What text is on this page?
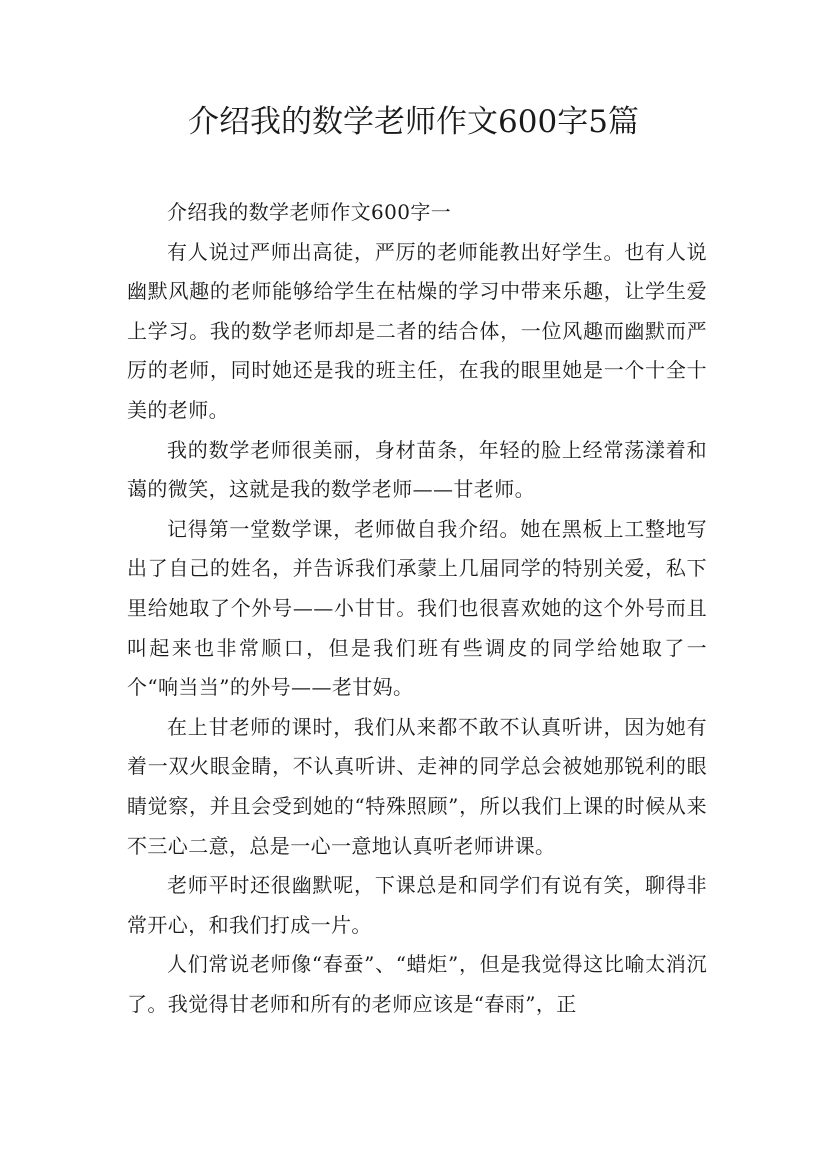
介绍我的数学老师作文600字5篇

介绍我的数学老师作文600字一

有人说过严师出高徒，严厉的老师能教出好学生。也有人说幽默风趣的老师能够给学生在枯燥的学习中带来乐趣，让学生爱上学习。我的数学老师却是二者的结合体，一位风趣而幽默而严厉的老师，同时她还是我的班主任，在我的眼里她是一个十全十美的老师。

我的数学老师很美丽，身材苗条，年轻的脸上经常荡漾着和蔼的微笑，这就是我的数学老师——甘老师。

记得第一堂数学课，老师做自我介绍。她在黑板上工整地写出了自己的姓名，并告诉我们承蒙上几届同学的特别关爱，私下里给她取了个外号——小甘甘。我们也很喜欢她的这个外号而且叫起来也非常顺口，但是我们班有些调皮的同学给她取了一个“响当当”的外号——老甘妈。

在上甘老师的课时，我们从来都不敢不认真听讲，因为她有着一双火眼金睛，不认真听讲、走神的同学总会被她那锐利的眼睛觉察，并且会受到她的“特殊照顾”，所以我们上课的时候从来不三心二意，总是一心一意地认真听老师讲课。

老师平时还很幽默呢，下课总是和同学们有说有笑，聊得非常开心，和我们打成一片。

人们常说老师像“春蚕”、“蜡炬”，但是我觉得这比喻太消沉了。我觉得甘老师和所有的老师应该是“春雨”，正
